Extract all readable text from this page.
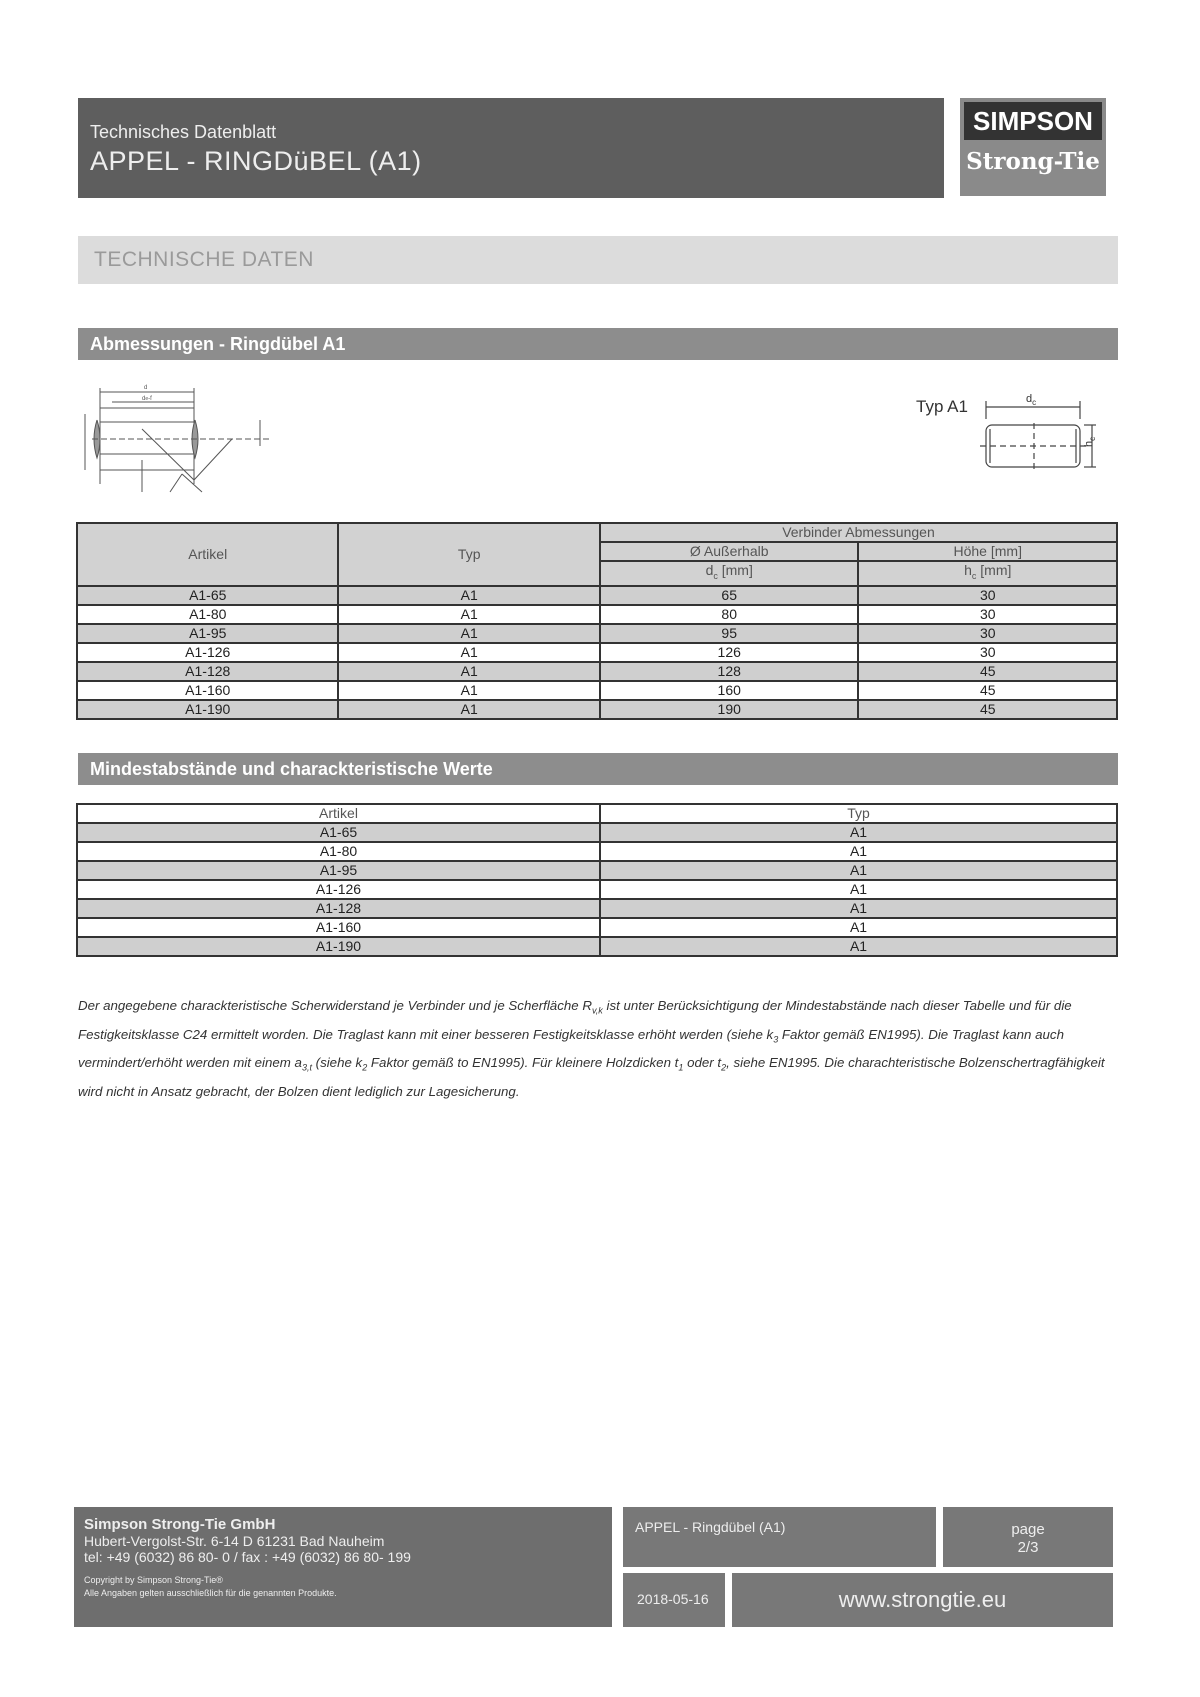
Technisches Datenblatt
APPEL - RINGDüBEL (A1)
SIMPSON
Strong-Tie
TECHNISCHE DATEN
Abmessungen - Ringdübel A1
d
de-f	Typ A1	$d_c$
$h_c$
Artikel	Typ	Verbinder Abmessungen	
		Ø Außerhalb	Höhe [mm]
		$d_c$ [mm]	$h_c$ [mm]
A1-65	A1	65	30
A1-80	A1	80	30
A1-95	A1	95	30
A1-126	A1	126	30
A1-128	A1	128	45
A1-160	A1	160	45
A1-190	A1	190	45
Mindestabstände und charackteristische Werte
Artikel	Typ
A1-65	A1
A1-80	A1
A1-95	A1
A1-126	A1
A1-128	A1
A1-160	A1
A1-190	A1
Der angegebene charackteristische Scherwiderstand je Verbinder und je Scherfläche $R_{v,k}$ ist unter Berücksichtigung der Mindestabstände nach dieser Tabelle und für die Festigkeitsklasse C24 ermittelt worden. Die Traglast kann mit einer besseren Festigkeitsklasse erhöht werden (siehe $k_3$ Faktor gemäß EN1995). Die Traglast kann auch vermindert/erhöht werden mit einem $a_{3,t}$ (siehe $k_2$ Faktor gemäß to EN1995). Für kleinere Holzdicken $t_1$ oder $t_2$, siehe EN1995. Die charachteristische Bolzenschertragfähigkeit wird nicht in Ansatz gebracht, der Bolzen dient lediglich zur Lagesicherung.
Simpson Strong-Tie GmbH
Hubert-Vergolst-Str. 6-14 D 61231 Bad Nauheim
tel: +49 (6032) 86 80- 0 / fax : +49 (6032) 86 80- 199
Copyright by Simpson Strong-Tie®
Alle Angaben gelten ausschließlich für die genannten Produkte.
APPEL - Ringdübel (A1)	page
2/3
2018-05-16	www.strongtie.eu
